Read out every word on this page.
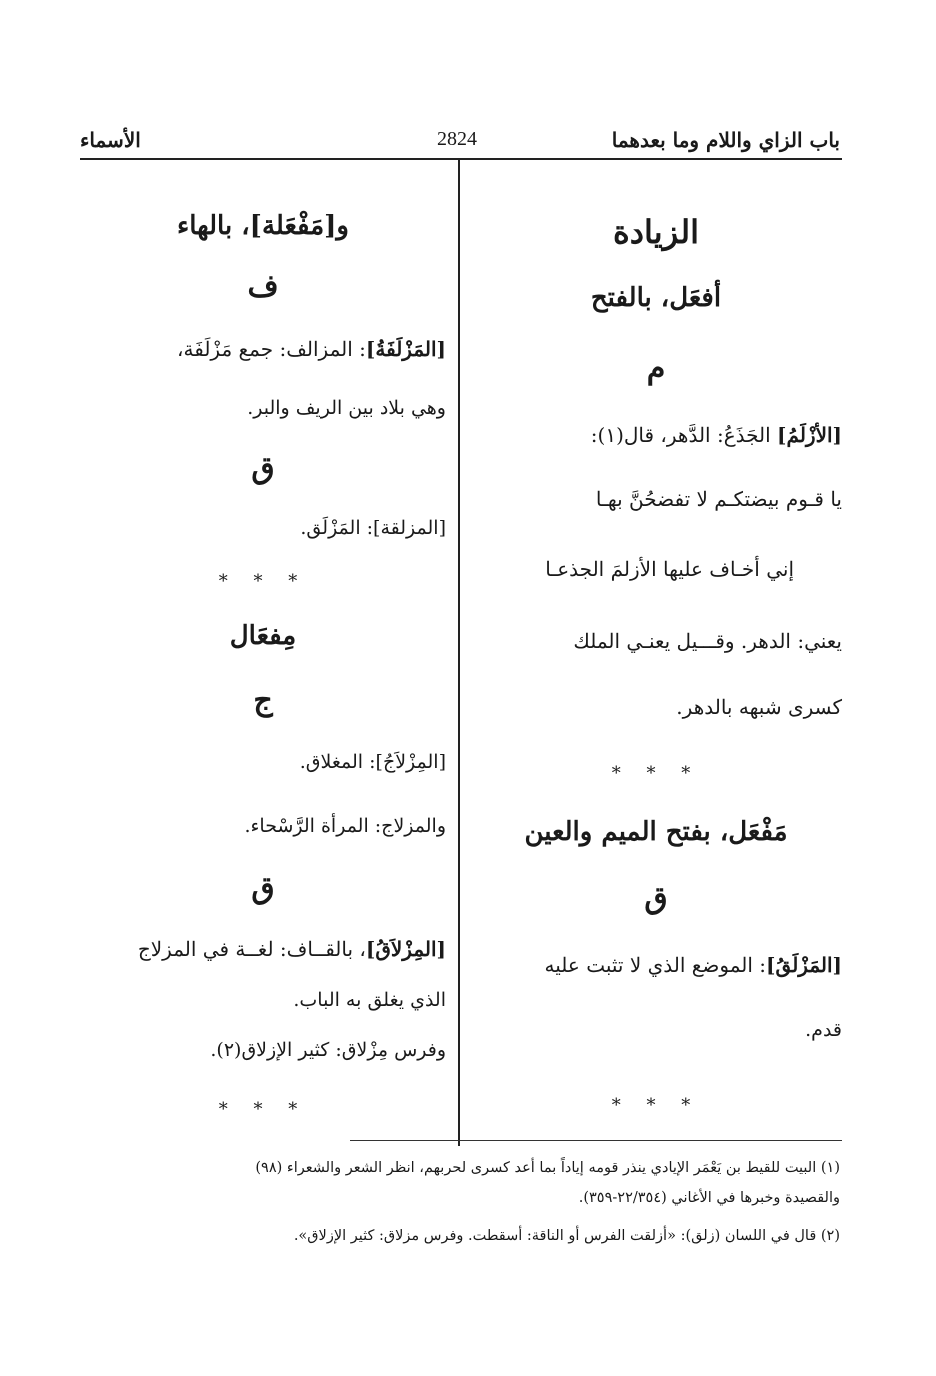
باب الزاي واللام وما بعدهما
2824
الأسماء
الزيادة
أفعَل، بالفتح
م
[الأزْلَمُ] الجَذَعُ: الدَّهر، قال(١):
يا قـوم بيضتكـم لا تفضحُنَّ بهـا
إني أخـاف عليها الأزلمَ الجذعـا
يعني: الدهر. وقـــيل يعنـي الملك
كسرى شبهه بالدهر.
* * *
مَفْعَل، بفتح الميم والعين
ق
[المَزْلَقُ]: الموضع الذي لا تثبت عليه
قدم.
* * *
و[مَفْعَلة]، بالهاء
ف
[المَزْلَفَةُ]: المزالف: جمع مَزْلَفَة،
وهي بلاد بين الريف والبر.
ق
[المزلقة]: المَزْلَق.
* * *
مِفعَال
ج
[المِزْلاَجُ]: المغلاق.
والمزلاج: المرأة الرَّسْحاء.
ق
[المِزْلاَقُ]، بالقــاف: لغــة في المزلاج
الذي يغلق به الباب.
وفرس مِزْلاق: كثير الإزلاق(٢).
* * *
(١) البيت للقيط بن يَعْمَر الإيادي ينذر قومه إياداً بما أعد كسرى لحربهم، انظر الشعر والشعراء (٩٨)
والقصيدة وخبرها في الأغاني (٢٢/٣٥٤-٣٥٩).
(٢) قال في اللسان (زلق): «أزلقت الفرس أو الناقة: أسقطت. وفرس مزلاق: كثير الإزلاق».
